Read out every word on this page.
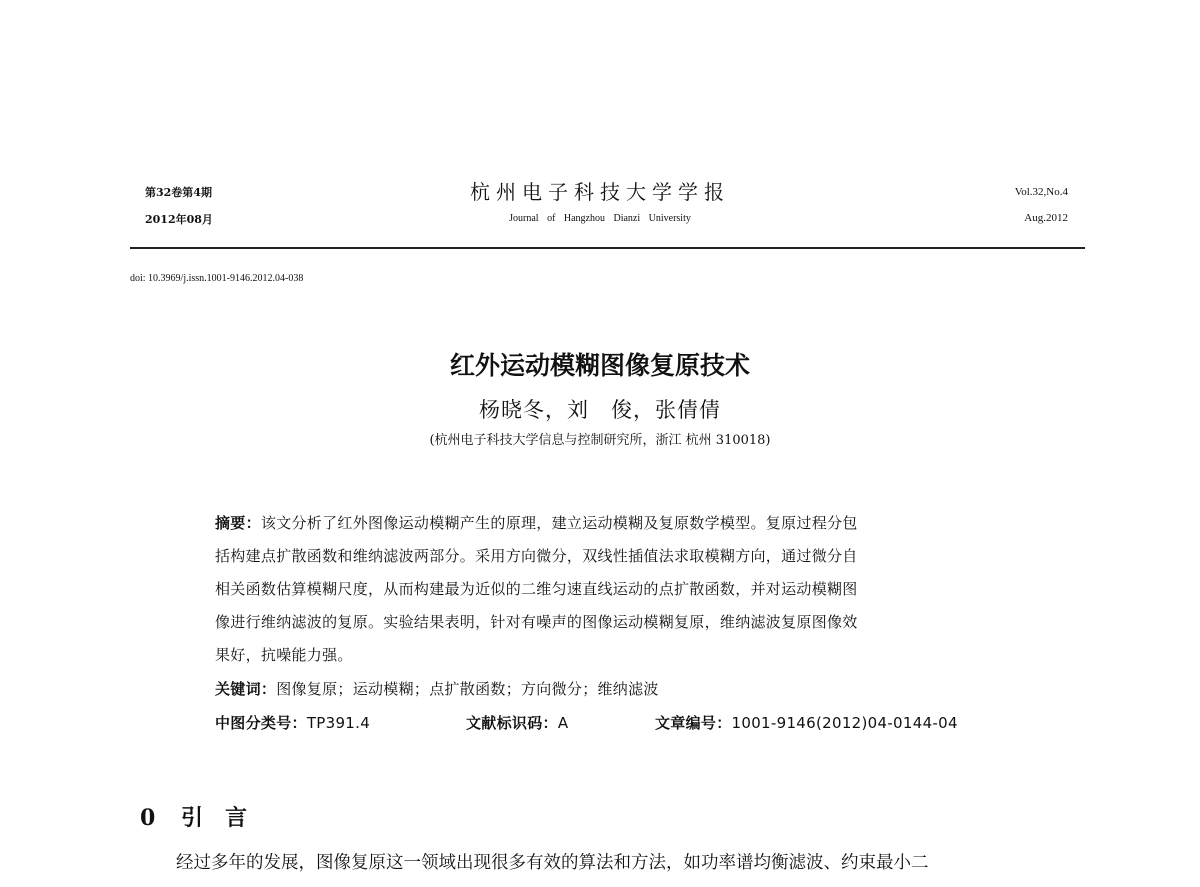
第32卷第4期
2012年08月
杭州电子科技大学学报
Journal of Hangzhou Dianzi University
Vol.32,No.4
Aug.2012
doi: 10.3969/j.issn.1001-9146.2012.04-038
红外运动模糊图像复原技术
杨晓冬，刘　俊，张倩倩
(杭州电子科技大学信息与控制研究所，浙江 杭州 310018)
摘要：该文分析了红外图像运动模糊产生的原理，建立运动模糊及复原数学模型。复原过程分包
括构建点扩散函数和维纳滤波两部分。采用方向微分，双线性插值法求取模糊方向，通过微分自
相关函数估算模糊尺度，从而构建最为近似的二维匀速直线运动的点扩散函数，并对运动模糊图
像进行维纳滤波的复原。实验结果表明，针对有噪声的图像运动模糊复原，维纳滤波复原图像效
果好，抗噪能力强。
关键词：图像复原；运动模糊；点扩散函数；方向微分；维纳滤波
中图分类号：TP391.4	文献标识码：A	文章编号：1001-9146(2012)04-0144-04
0 引　言
经过多年的发展，图像复原这一领域出现很多有效的算法和方法，如功率谱均衡滤波、约束最小二
